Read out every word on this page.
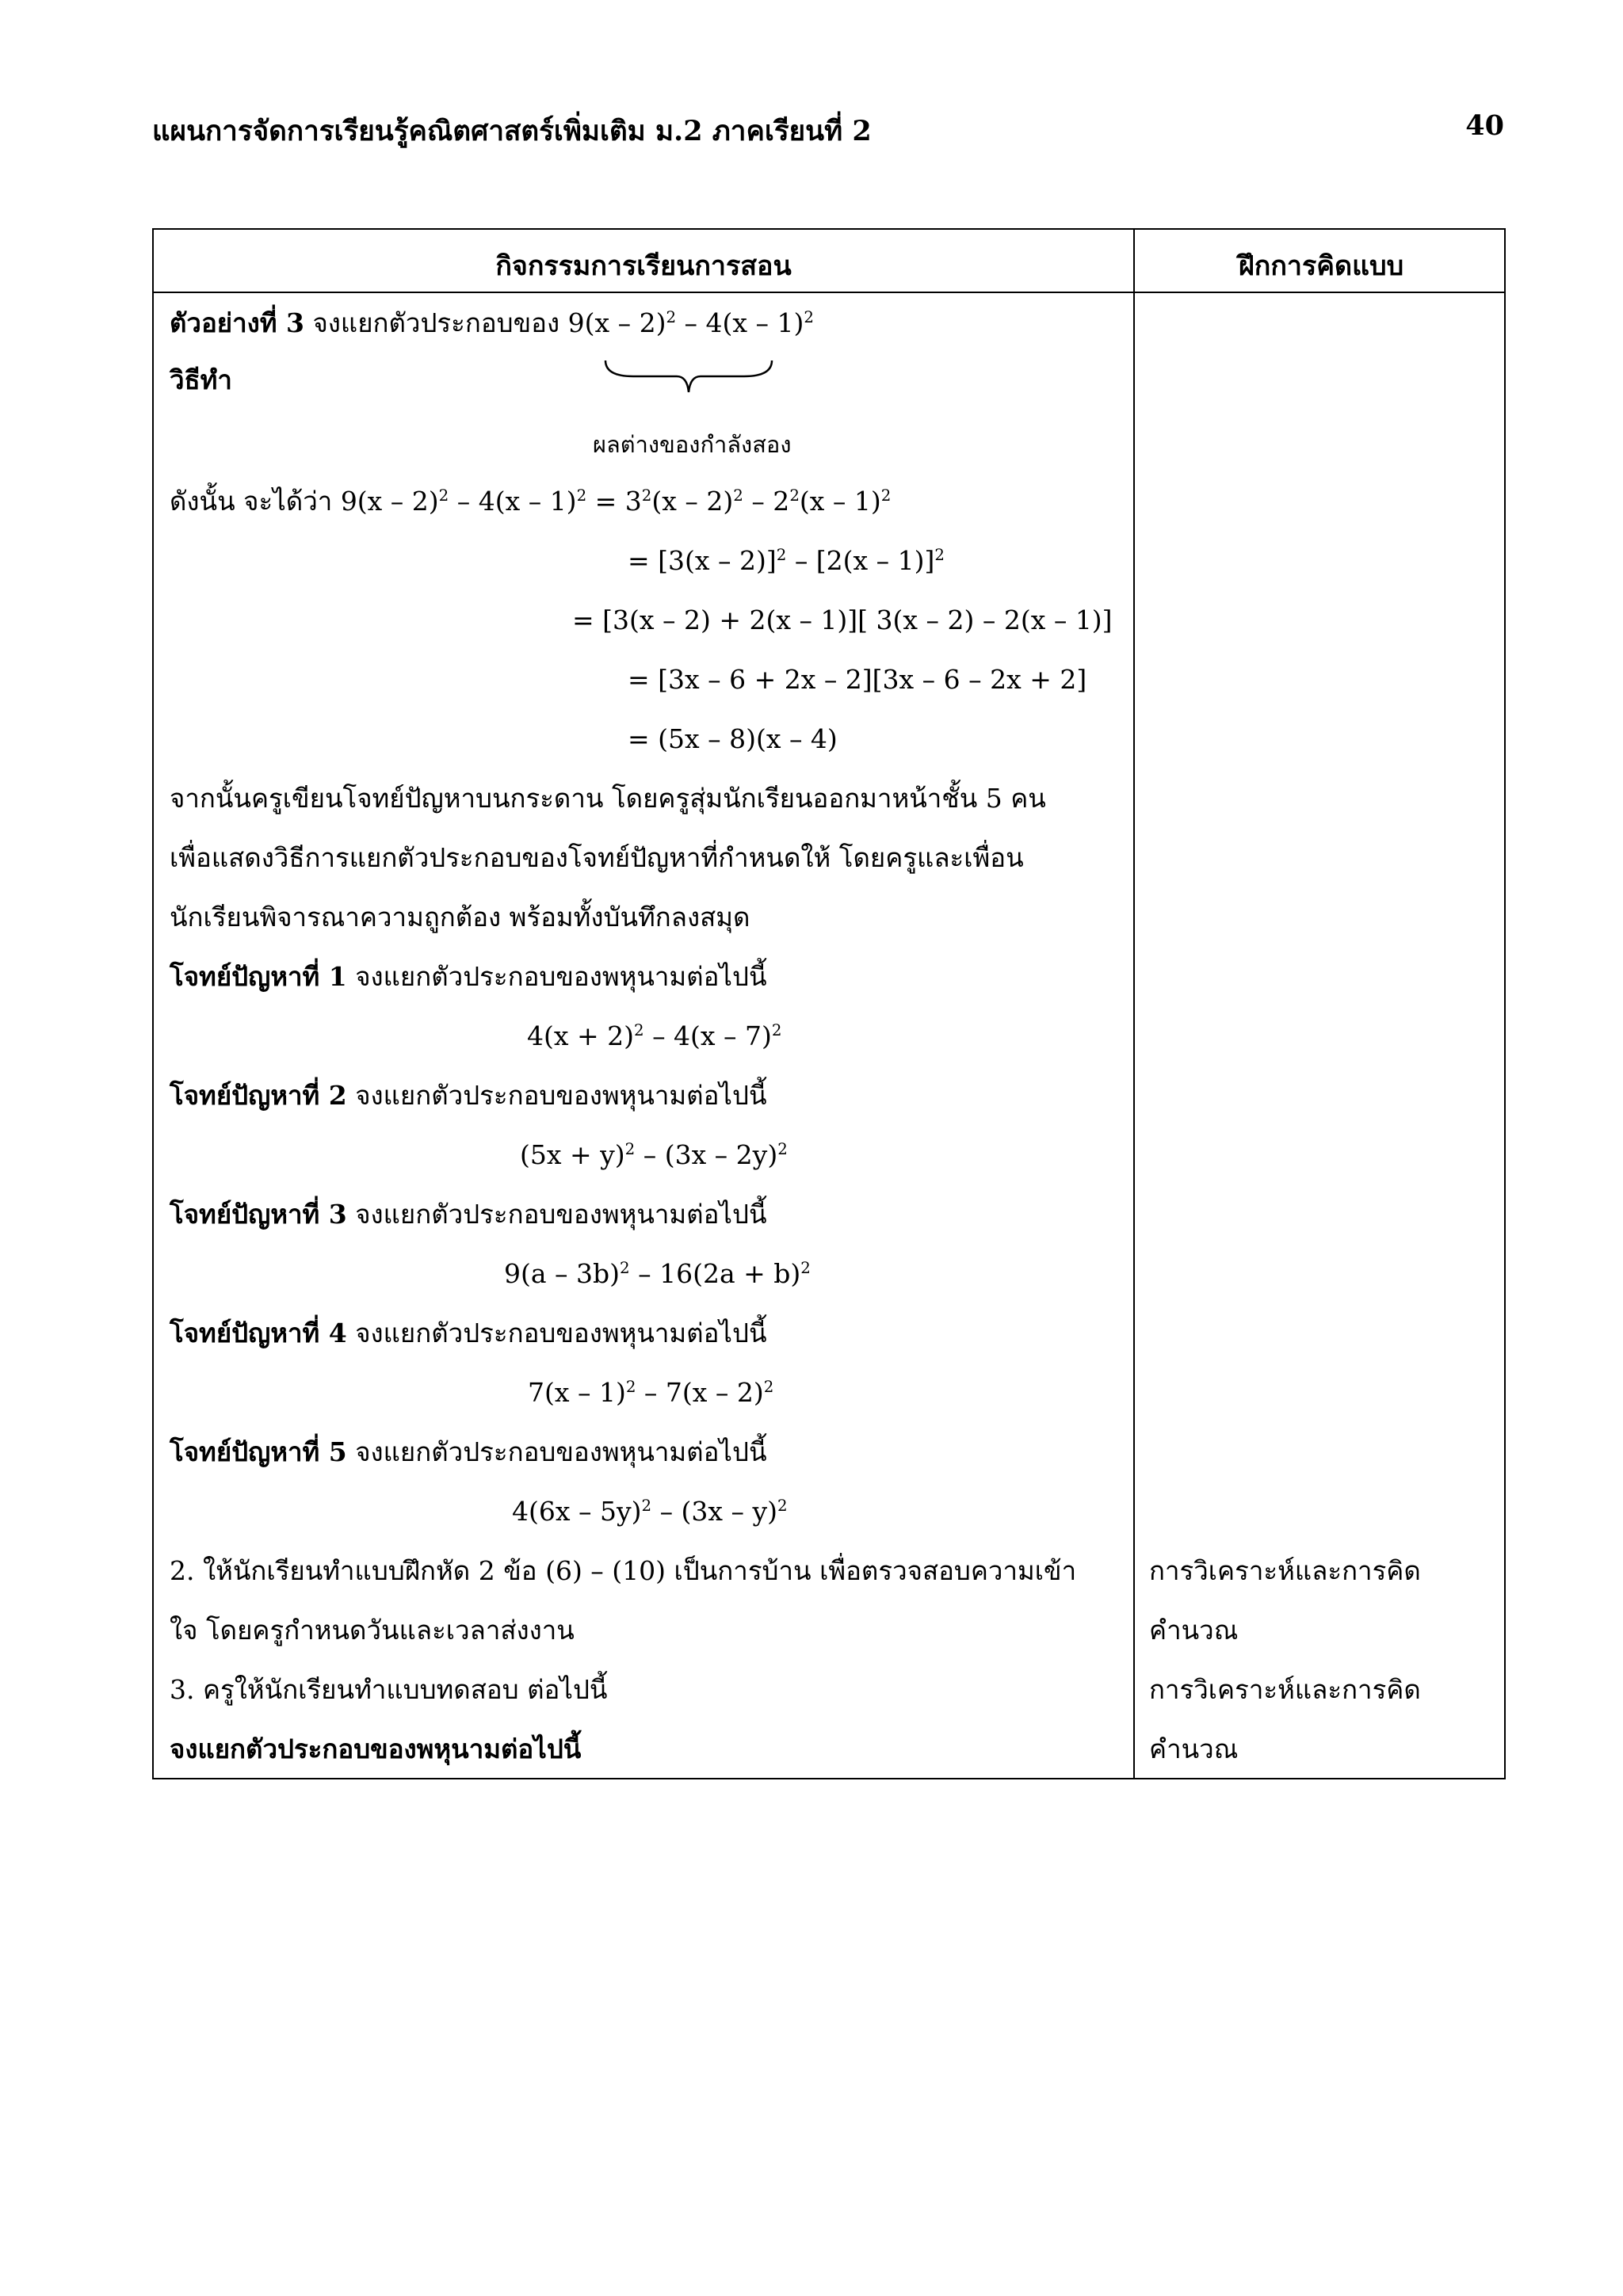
แผนการจัดการเรียนรู้คณิตศาสตร์เพิ่มเติม ม.2 ภาคเรียนที่ 2	40
กิจกรรมการเรียนการสอน	ฝึกการคิดแบบ
ตัวอย่างที่ 3 จงแยกตัวประกอบของ 9(x – 2)$^2$ – 4(x – 1)$^2$
วิธีทำ
ผลต่างของกำลังสอง
ดังนั้น จะได้ว่า $9(x - 2)^2 - 4(x - 1)^2 = 3^2(x - 2)^2 - 2^2(x - 1)^2$
= [3(x – 2)]$^2$ – [2(x – 1)]$^2$
= [3(x – 2) + 2(x – 1)][ 3(x – 2) – 2(x – 1)]
= [3x – 6 + 2x – 2][3x – 6 – 2x + 2]
= (5x – 8)(x – 4)
จากนั้นครูเขียนโจทย์ปัญหาบนกระดาน โดยครูสุ่มนักเรียนออกมาหน้าชั้น 5 คน
เพื่อแสดงวิธีการแยกตัวประกอบของโจทย์ปัญหาที่กำหนดให้ โดยครูและเพื่อน
นักเรียนพิจารณาความถูกต้อง พร้อมทั้งบันทึกลงสมุด
โจทย์ปัญหาที่ 1 จงแยกตัวประกอบของพหุนามต่อไปนี้
$4(x + 2)^2 - 4(x - 7)^2$
โจทย์ปัญหาที่ 2 จงแยกตัวประกอบของพหุนามต่อไปนี้
$(5x + y)^2 - (3x - 2y)^2$
โจทย์ปัญหาที่ 3 จงแยกตัวประกอบของพหุนามต่อไปนี้
$9(a - 3b)^2 - 16(2a + b)^2$
โจทย์ปัญหาที่ 4 จงแยกตัวประกอบของพหุนามต่อไปนี้
7(x – 1)$^2$ – 7(x – 2)$^2$
โจทย์ปัญหาที่ 5 จงแยกตัวประกอบของพหุนามต่อไปนี้
4(6x – 5y)$^2$ – (3x – y)$^2$
2. ให้นักเรียนทำแบบฝึกหัด 2 ข้อ (6) – (10) เป็นการบ้าน เพื่อตรวจสอบความเข้า
ใจ โดยครูกำหนดวันและเวลาส่งงาน
3. ครูให้นักเรียนทำแบบทดสอบ ต่อไปนี้
จงแยกตัวประกอบของพหุนามต่อไปนี้
การวิเคราะห์และการคิด
คำนวณ
การวิเคราะห์และการคิด
คำนวณ
